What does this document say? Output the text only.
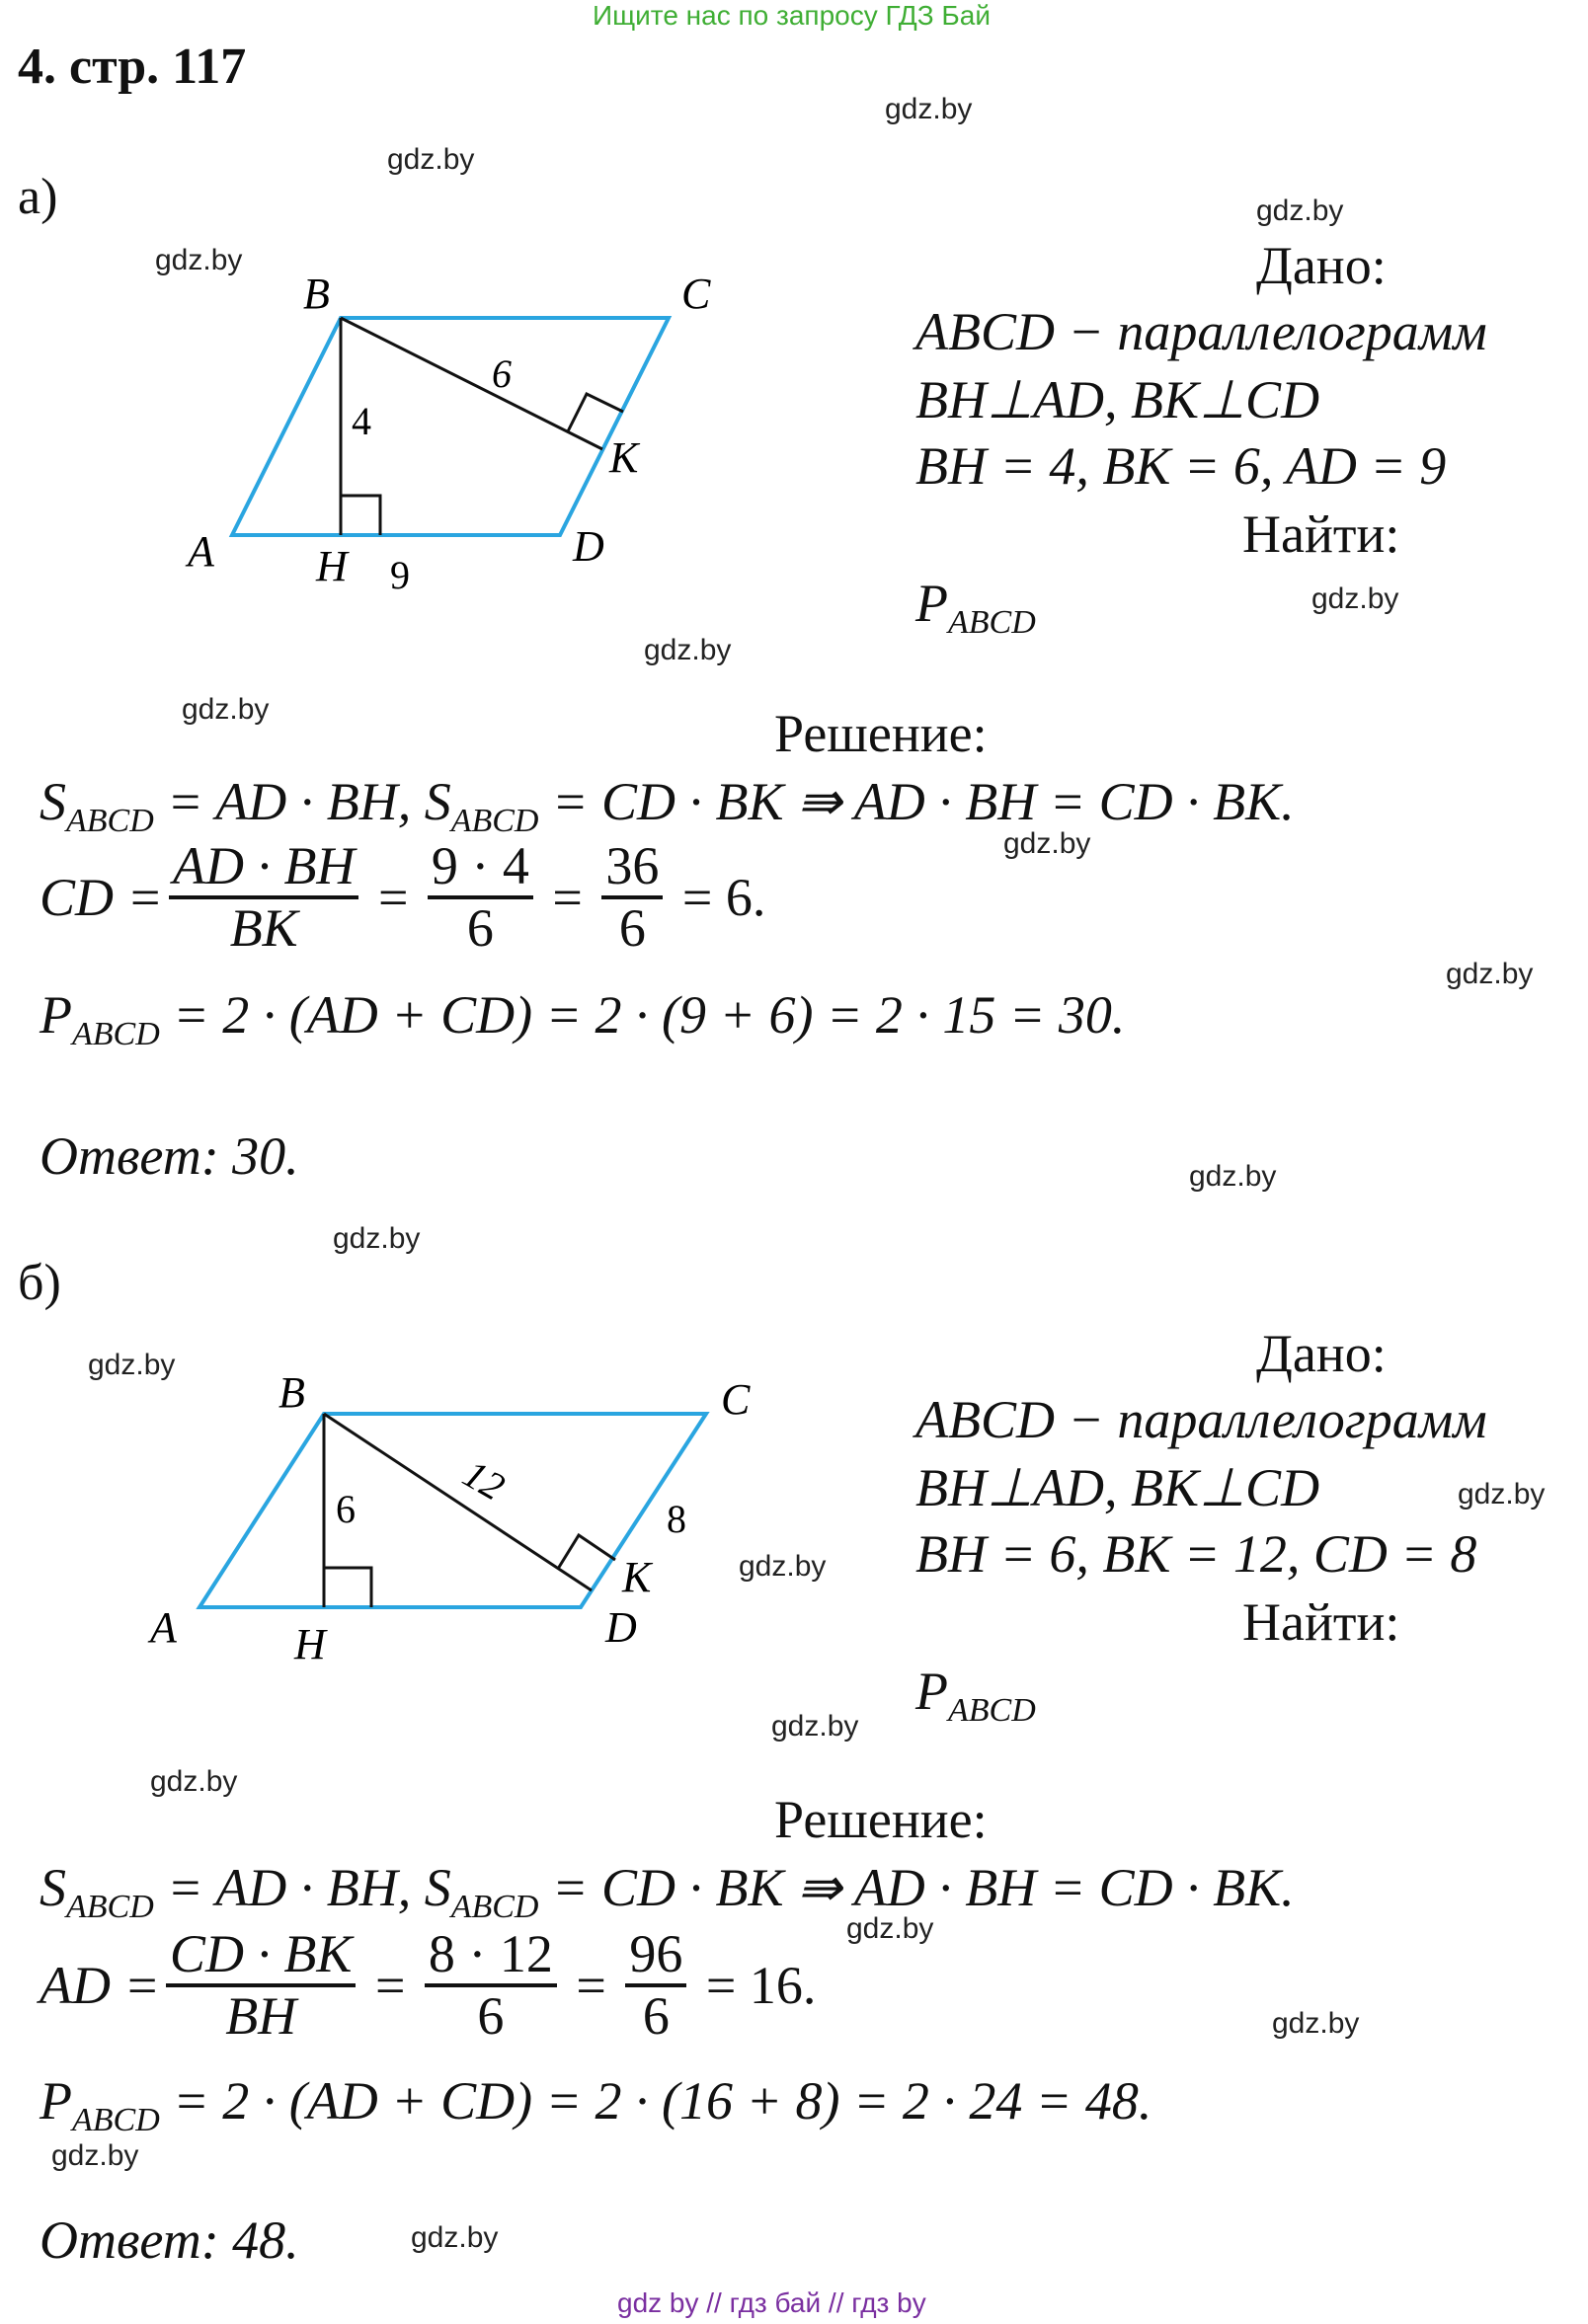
Ищите нас по запросу ГДЗ Бай
4. стр. 117
gdz.by
gdz.by
gdz.by
gdz.by
gdz.by
gdz.by
gdz.by
gdz.by
gdz.by
gdz.by
gdz.by
gdz.by
gdz.by
gdz.by
gdz.by
gdz.by
gdz.by
gdz.by
gdz.by
gdz.by
а)
B	C
A	D
H
K
4
6
9
Дано:
ABCD − параллелограмм
BH⊥AD, BK⊥CD
BH = 4, BK = 6, AD = 9
Найти:
$P_{ABCD}$
Решение:
$S_{ABCD}$ = AD · BH, $S_{ABCD}$ = CD · BK ⇛ AD · BH = CD · BK.
CD = $\frac{AD \cdot BH}{BK} = \frac{9 \cdot 4}{6} = \frac{36}{6}$
= 6.
$P_{ABCD} = 2 \cdot (AD + CD) = 2 \cdot (9 + 6) = 2 \cdot 15 = 30$.
Ответ: 30.
б)
B	C
A	D
H
K
6	12
8
Дано:
ABCD − параллелограмм
BH⊥AD, BK⊥CD
BH = 6, BK = 12, CD = 8
Найти:
$P_{ABCD}$
Решение:
$S_{ABCD}$ = AD · BH, $S_{ABCD}$ = CD · BK ⇛ AD · BH = CD · BK.
AD = $\frac{CD \cdot BK}{BH} = \frac{8 \cdot 12}{6} = \frac{96}{6}$
= 16.
$P_{ABCD} = 2 \cdot (AD + CD) = 2 \cdot (16 + 8) = 2 \cdot 24 = 48$.
Ответ: 48.
gdz by // гдз бай // гдз by
